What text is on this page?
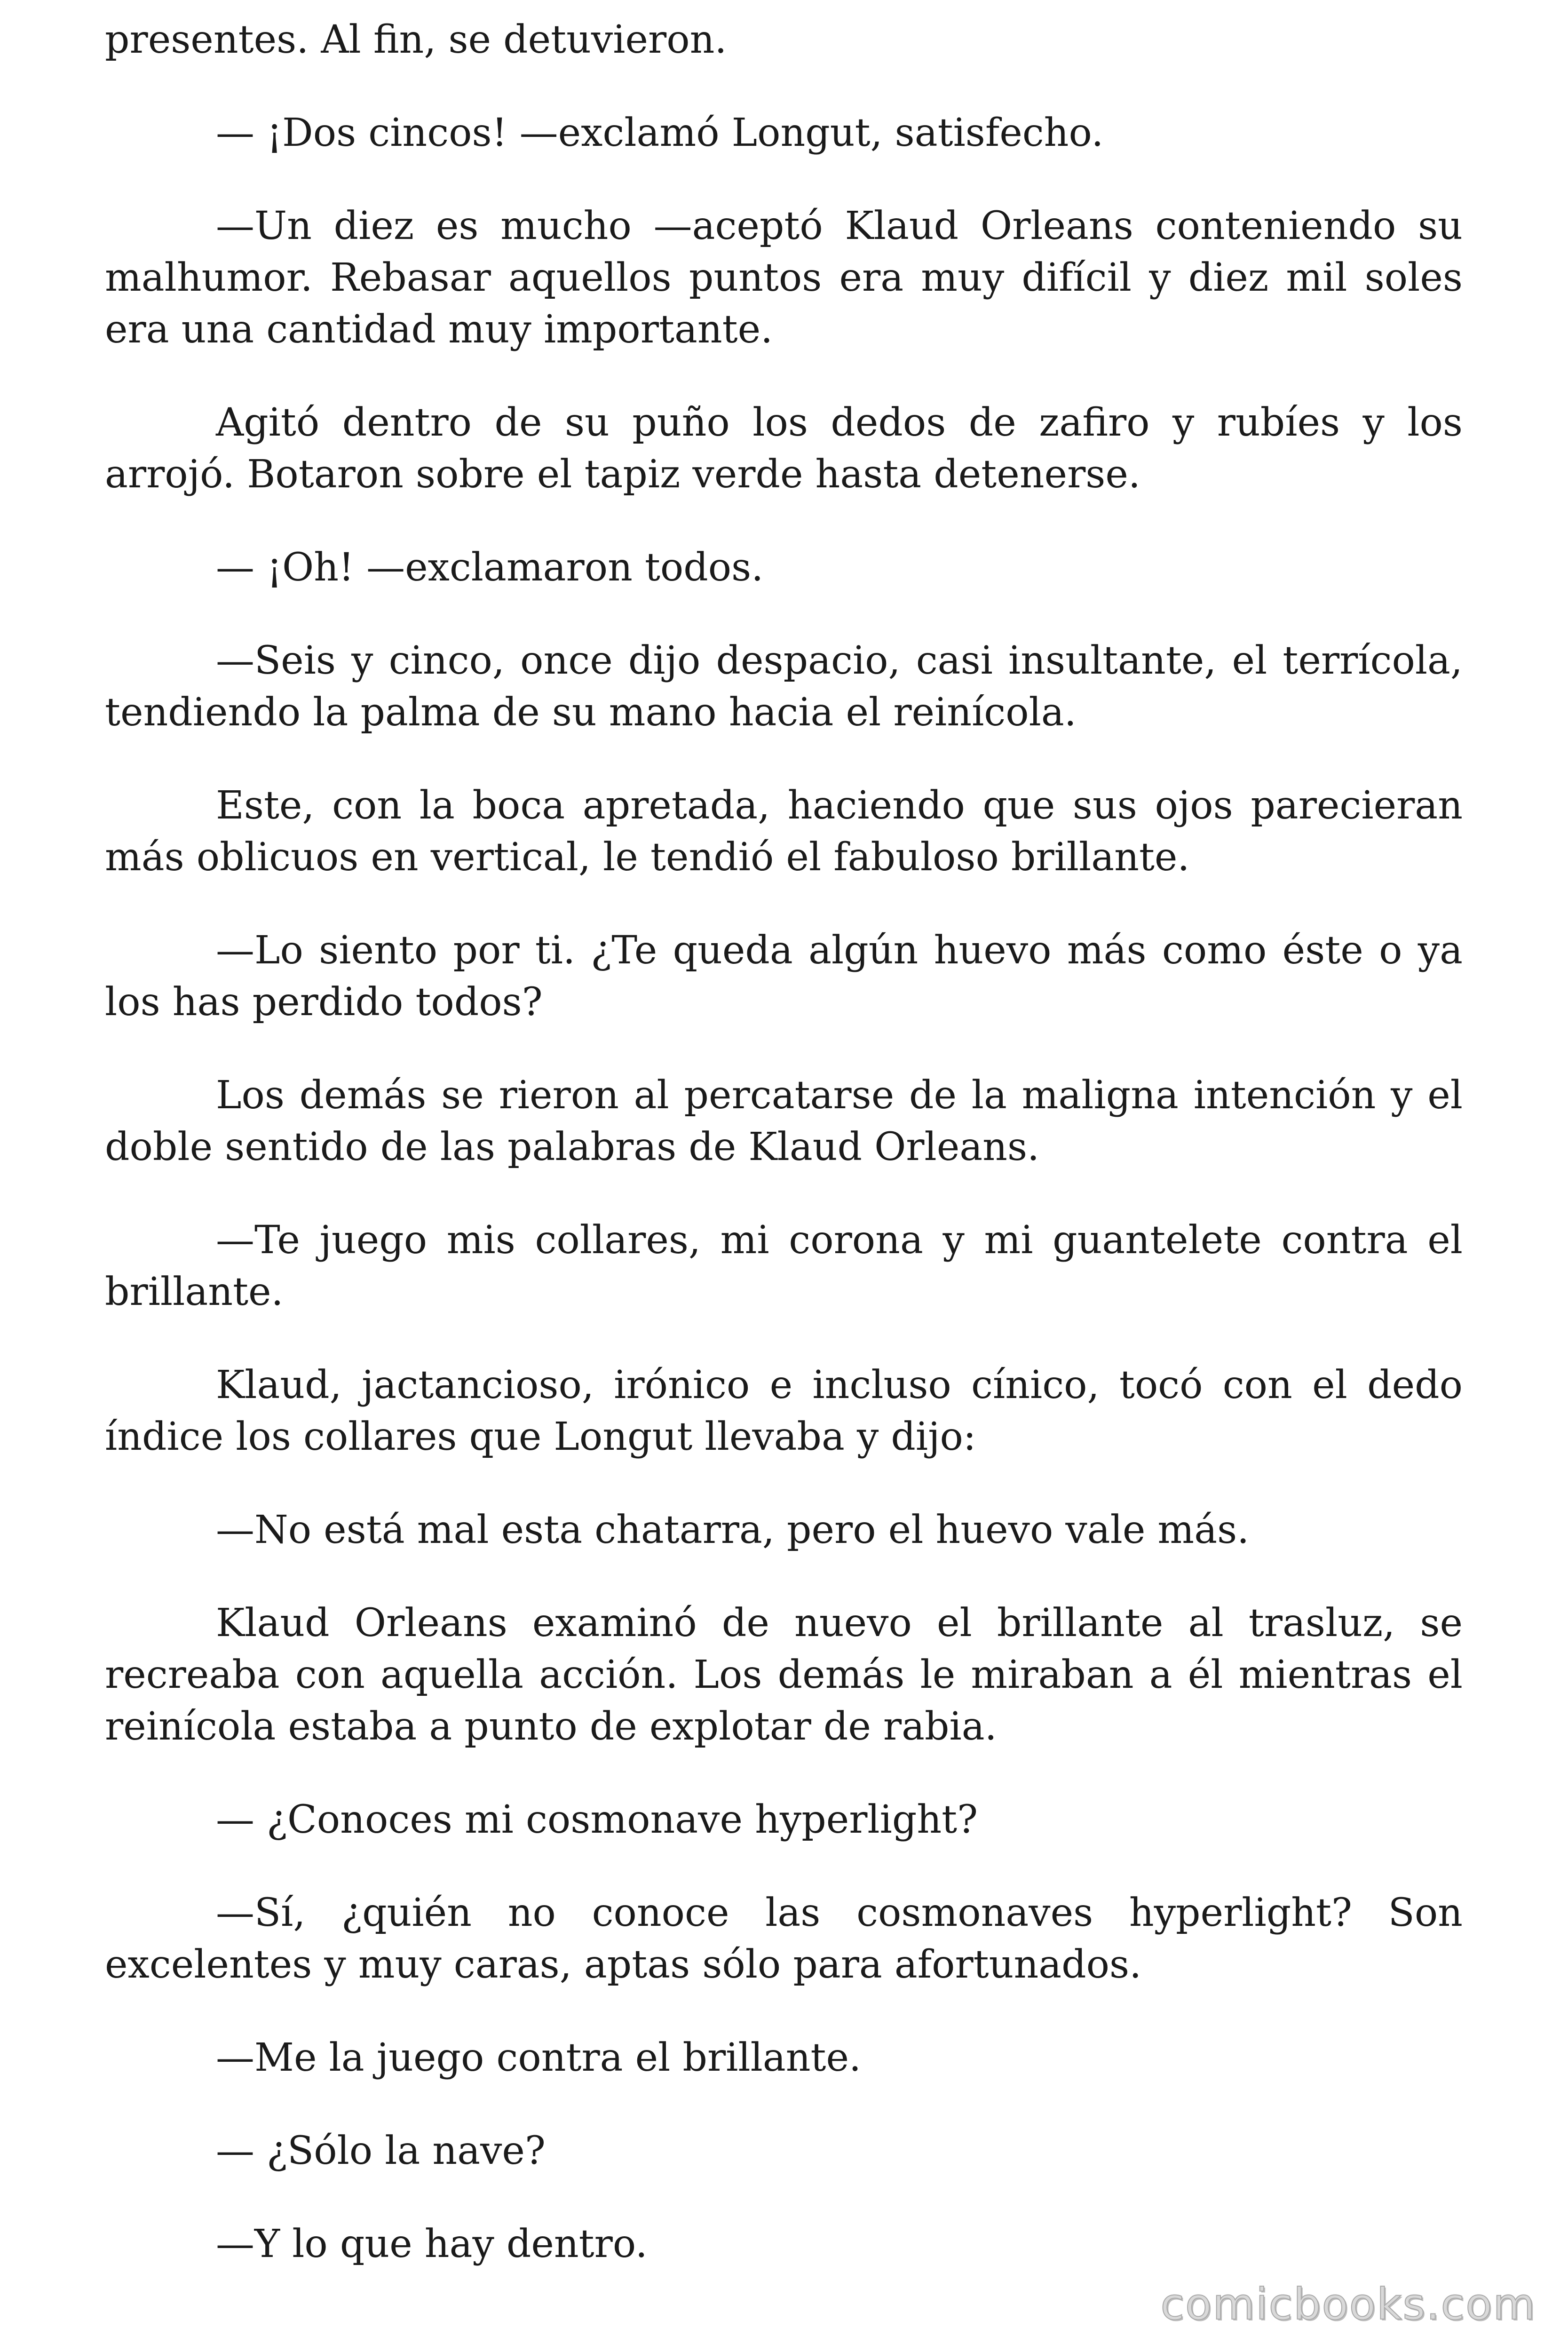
presentes. Al fin, se detuvieron.

— ¡Dos cincos! —exclamó Longut, satisfecho.

—Un diez es mucho —aceptó Klaud Orleans conteniendo su malhumor. Rebasar aquellos puntos era muy difícil y diez mil soles era una cantidad muy importante.

Agitó dentro de su puño los dedos de zafiro y rubíes y los arrojó. Botaron sobre el tapiz verde hasta detenerse.

— ¡Oh! —exclamaron todos.

—Seis y cinco, once dijo despacio, casi insultante, el terrícola, tendiendo la palma de su mano hacia el reinícola.

Este, con la boca apretada, haciendo que sus ojos parecieran más oblicuos en vertical, le tendió el fabuloso brillante.

—Lo siento por ti. ¿Te queda algún huevo más como éste o ya los has perdido todos?

Los demás se rieron al percatarse de la maligna intención y el doble sentido de las palabras de Klaud Orleans.

—Te juego mis collares, mi corona y mi guantelete contra el brillante.

Klaud, jactancioso, irónico e incluso cínico, tocó con el dedo índice los collares que Longut llevaba y dijo:

—No está mal esta chatarra, pero el huevo vale más.

Klaud Orleans examinó de nuevo el brillante al trasluz, se recreaba con aquella acción. Los demás le miraban a él mientras el reinícola estaba a punto de explotar de rabia.

— ¿Conoces mi cosmonave hyperlight?

—Sí, ¿quién no conoce las cosmonaves hyperlight? Son excelentes y muy caras, aptas sólo para afortunados.

—Me la juego contra el brillante.

— ¿Sólo la nave?

—Y lo que hay dentro.

comicbooks.com
